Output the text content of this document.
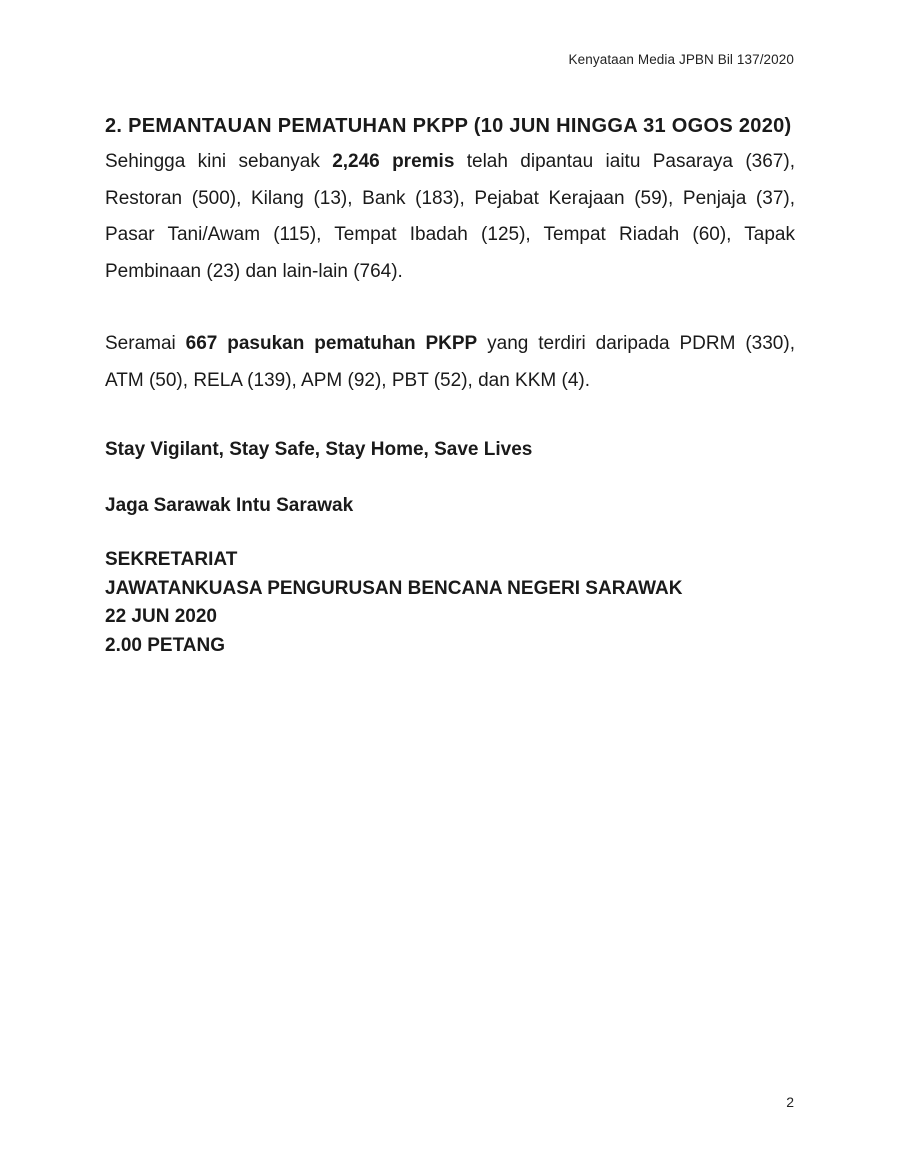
Kenyataan Media JPBN Bil 137/2020

2. PEMANTAUAN PEMATUHAN PKPP (10 JUN HINGGA 31 OGOS 2020)

Sehingga kini sebanyak 2,246 premis telah dipantau iaitu Pasaraya (367), Restoran (500), Kilang (13), Bank (183), Pejabat Kerajaan (59), Penjaja (37), Pasar Tani/Awam (115), Tempat Ibadah (125), Tempat Riadah (60), Tapak Pembinaan (23) dan lain-lain (764).

Seramai 667 pasukan pematuhan PKPP yang terdiri daripada PDRM (330), ATM (50), RELA (139), APM (92), PBT (52), dan KKM (4).

Stay Vigilant, Stay Safe, Stay Home, Save Lives

Jaga Sarawak Intu Sarawak

SEKRETARIAT

JAWATANKUASA PENGURUSAN BENCANA NEGERI SARAWAK

22 JUN 2020

2.00 PETANG

2
